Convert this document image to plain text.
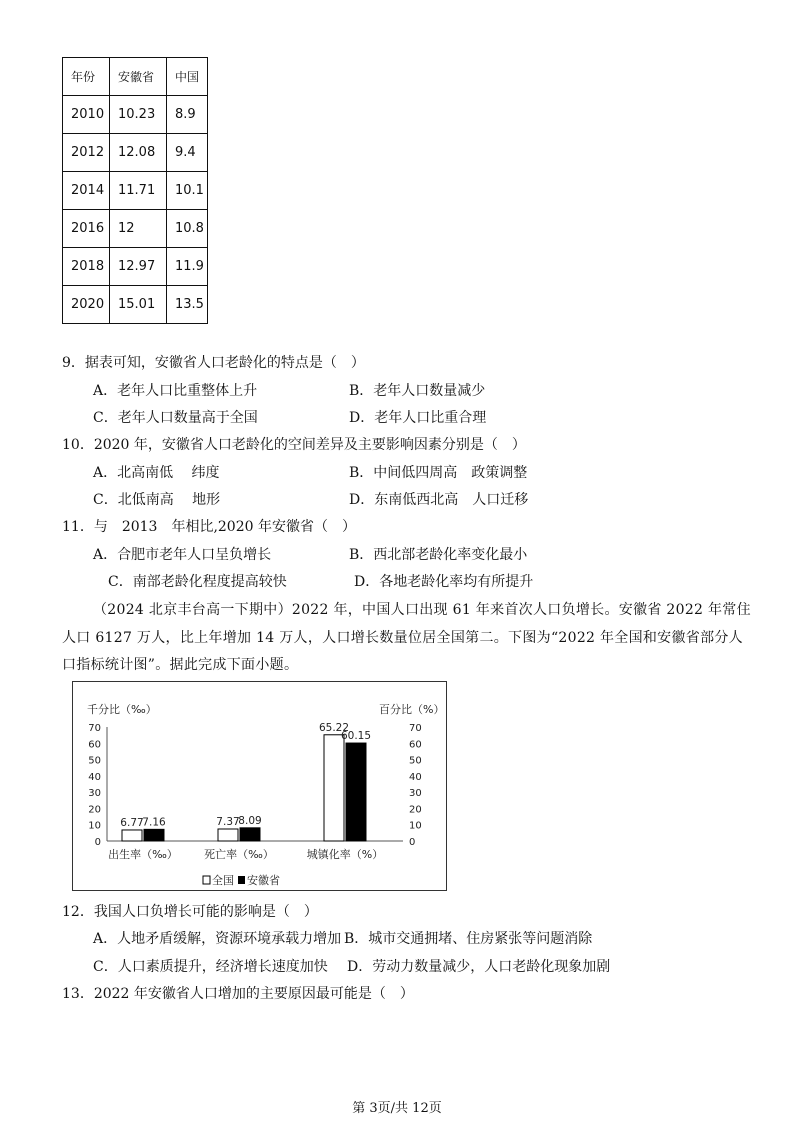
年份	安徽省	中国
2010	10.23	8.9
2012	12.08	9.4
2014	11.71	10.1
2016	12	10.8
2018	12.97	11.9
2020	15.01	13.5
9．据表可知，安徽省人口老龄化的特点是（　）
A．老年人口比重整体上升	B．老年人口数量减少
C．老年人口数量高于全国	D．老年人口比重合理
10．2020 年，安徽省人口老龄化的空间差异及主要影响因素分别是（　）
A．北高南低　 纬度	B．中间低四周高　政策调整
C．北低南高　 地形	D．东南低西北高　人口迁移
11．与　2013　年相比,2020 年安徽省（　）
A．合肥市老年人口呈负增长	B．西北部老龄化率变化最小
C．南部老龄化程度提高较快	D．各地老龄化率均有所提升
（2024 北京丰台高一下期中）2022 年，中国人口出现 61 年来首次人口负增长。安徽省 2022 年常住
人口 6127 万人，比上年增加 14 万人，人口增长数量位居全国第二。下图为“2022 年全国和安徽省部分人
口指标统计图”。据此完成下面小题。
千分比（‰）	百分比（%）
0	0
10	10
20	20
30	30
40	40
50	50
60	60
70	70
6.77
7.16
出生率（‰）
7.37
8.09
死亡率（‰）
65.22
60.15
城镇化率（%）
全国 安徽省
12．我国人口负增长可能的影响是（　）
A．人地矛盾缓解，资源环境承载力增加 B．城市交通拥堵、住房紧张等问题消除
C．人口素质提升，经济增长速度加快 D．劳动力数量减少，人口老龄化现象加剧
13．2022 年安徽省人口增加的主要原因最可能是（　）
第 3页/共 12页
